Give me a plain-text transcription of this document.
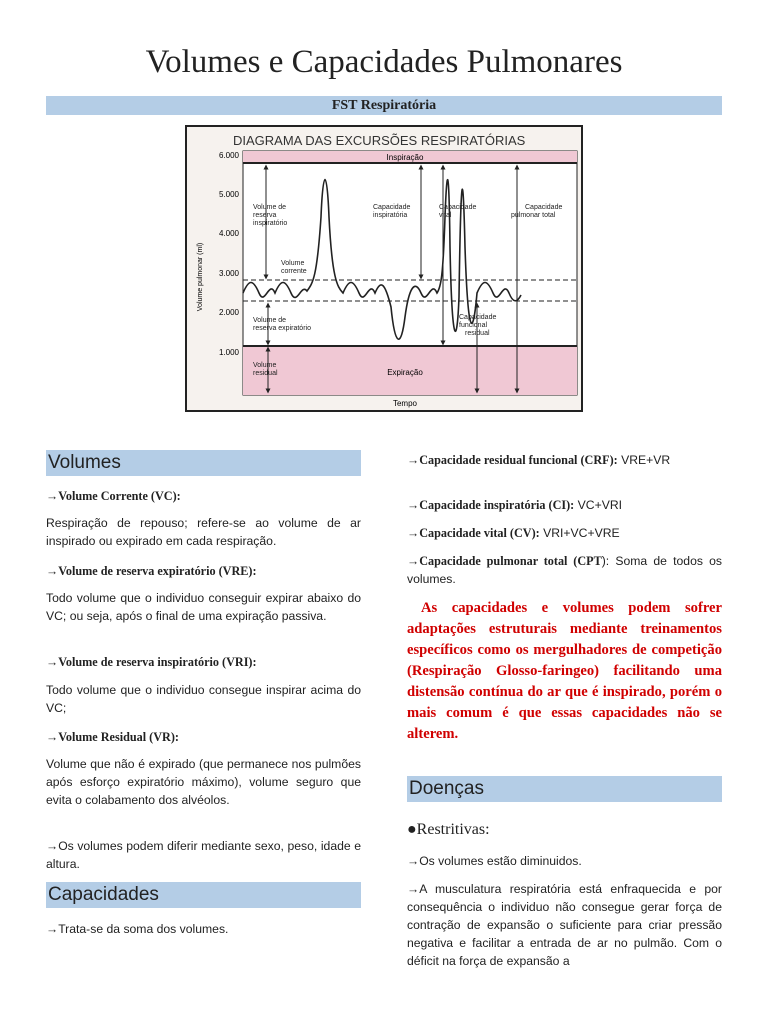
Volumes e Capacidades Pulmonares
FST Respiratória
DIAGRAMA DAS EXCURSÕES RESPIRATÓRIAS
Inspiração
Expiração
6.000
5.000
4.000
3.000
2.000
1.000
Volume pulmonar (ml)
Tempo
Volume de
reserva
inspiratório
Volume
corrente
Volume de
reserva expiratório
Volume
residual
Capacidade
inspiratória
Capacidade
vital
Capacidade
pulmonar total
Capacidade
funcional
residual
Volumes

→Volume Corrente (VC):

Respiração de repouso; refere-se ao volume de ar inspirado ou expirado em cada respiração.

→Volume de reserva expiratório (VRE):

Todo volume que o individuo conseguir expirar abaixo do VC; ou seja, após o final de uma expiração passiva.

→Volume de reserva inspiratório (VRI):

Todo volume que o individuo consegue inspirar acima do VC;

→Volume Residual (VR):

Volume que não é expirado (que permanece nos pulmões após esforço expiratório máximo), volume seguro que evita o colabamento dos alvéolos.

→Os volumes podem diferir mediante sexo, peso, idade e altura.

Capacidades

→Trata-se da soma dos volumes.

→Capacidade residual funcional (CRF): VRE+VR

→Capacidade inspiratória (CI): VC+VRI

→Capacidade vital (CV): VRI+VC+VRE

→Capacidade pulmonar total (CPT): Soma de todos os volumes.

As capacidades e volumes podem sofrer adaptações estruturais mediante treinamentos específicos como os mergulhadores de competição (Respiração Glosso-faringeo) facilitando uma distensão contínua do ar que é inspirado, porém o mais comum é que essas capacidades não se alterem.

Doenças

●Restritivas:

→Os volumes estão diminuidos.

→A musculatura respiratória está enfraquecida e por consequência o individuo não consegue gerar força de contração de expansão o suficiente para criar pressão negativa e facilitar a entrada de ar no pulmão. Com o déficit na força de expansão a
